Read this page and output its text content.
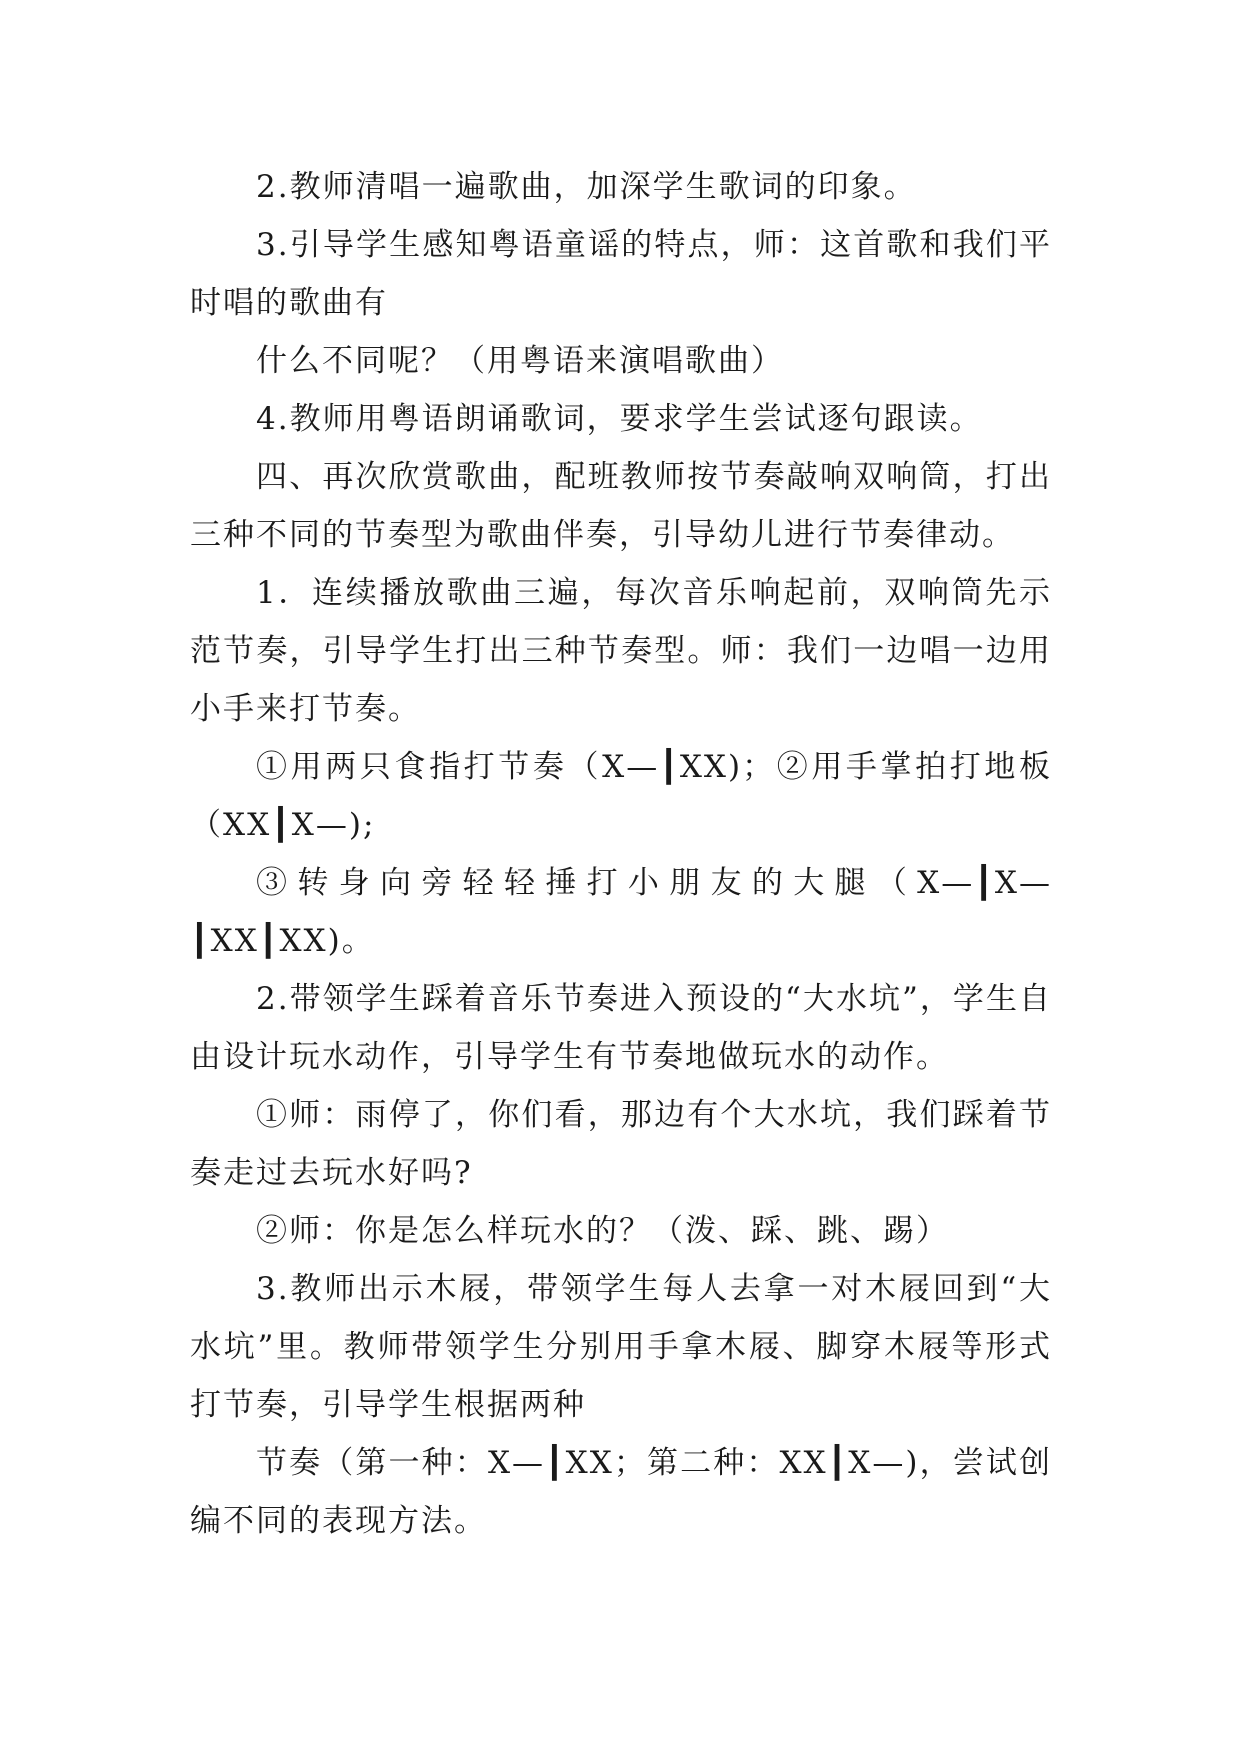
2.教师清唱一遍歌曲，加深学生歌词的印象。

3.引导学生感知粤语童谣的特点，师：这首歌和我们平时唱的歌曲有

什么不同呢？（用粤语来演唱歌曲）

4.教师用粤语朗诵歌词，要求学生尝试逐句跟读。

四、再次欣赏歌曲，配班教师按节奏敲响双响筒，打出三种不同的节奏型为歌曲伴奏，引导幼儿进行节奏律动。

1．连续播放歌曲三遍，每次音乐响起前，双响筒先示范节奏，引导学生打出三种节奏型。师：我们一边唱一边用小手来打节奏。

①用两只食指打节奏（X—┃XX)；②用手掌拍打地板（XX┃X—);

③转身向旁轻轻捶打小朋友的大腿（X—┃X—┃XX┃XX)。

2.带领学生踩着音乐节奏进入预设的“大水坑”，学生自由设计玩水动作，引导学生有节奏地做玩水的动作。

①师：雨停了，你们看，那边有个大水坑，我们踩着节奏走过去玩水好吗?

②师：你是怎么样玩水的？（泼、踩、跳、踢）

3.教师出示木屐，带领学生每人去拿一对木屐回到“大水坑”里。教师带领学生分别用手拿木屐、脚穿木屐等形式打节奏，引导学生根据两种

节奏（第一种：X—┃XX；第二种：XX┃X—)，尝试创编不同的表现方法。
